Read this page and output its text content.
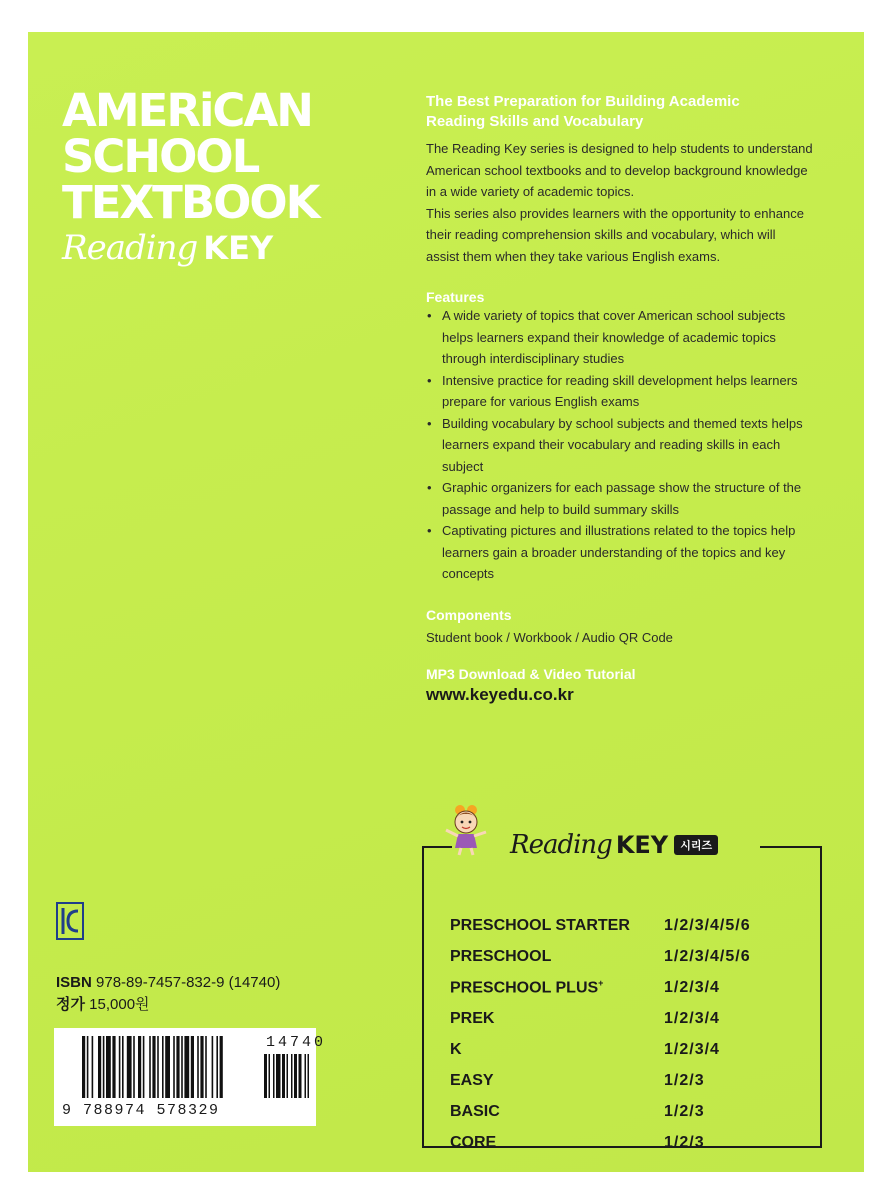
AMERiCAN
SCHOOL
TEXTBOOK
Reading KEY
The Best Preparation for Building Academic
Reading Skills and Vocabulary

The Reading Key series is designed to help students to understand

American school textbooks and to develop background knowledge

in a wide variety of academic topics.

This series also provides learners with the opportunity to enhance

their reading comprehension skills and vocabulary, which will

assist them when they take various English exams.

Features
• A wide variety of topics that cover American school subjects
helps learners expand their knowledge of academic topics
through interdisciplinary studies
• Intensive practice for reading skill development helps learners
prepare for various English exams
• Building vocabulary by school subjects and themed texts helps
learners expand their vocabulary and reading skills in each
subject
• Graphic organizers for each passage show the structure of the
passage and help to build summary skills
• Captivating pictures and illustrations related to the topics help
learners gain a broader understanding of the topics and key
concepts
Components

Student book / Workbook / Audio QR Code

MP3 Download & Video Tutorial
www.keyedu.co.kr
Reading KEY	시리즈
PRESCHOOL STARTER	1/2/3/4/5/6
PRESCHOOL	1/2/3/4/5/6
PRESCHOOL PLUS+	1/2/3/4
PREK	1/2/3/4
K	1/2/3/4
EASY	1/2/3
BASIC	1/2/3
CORE	1/2/3
ISBN 978-89-7457-832-9 (14740)
정가 15,000원
14740
9 788974 578329
